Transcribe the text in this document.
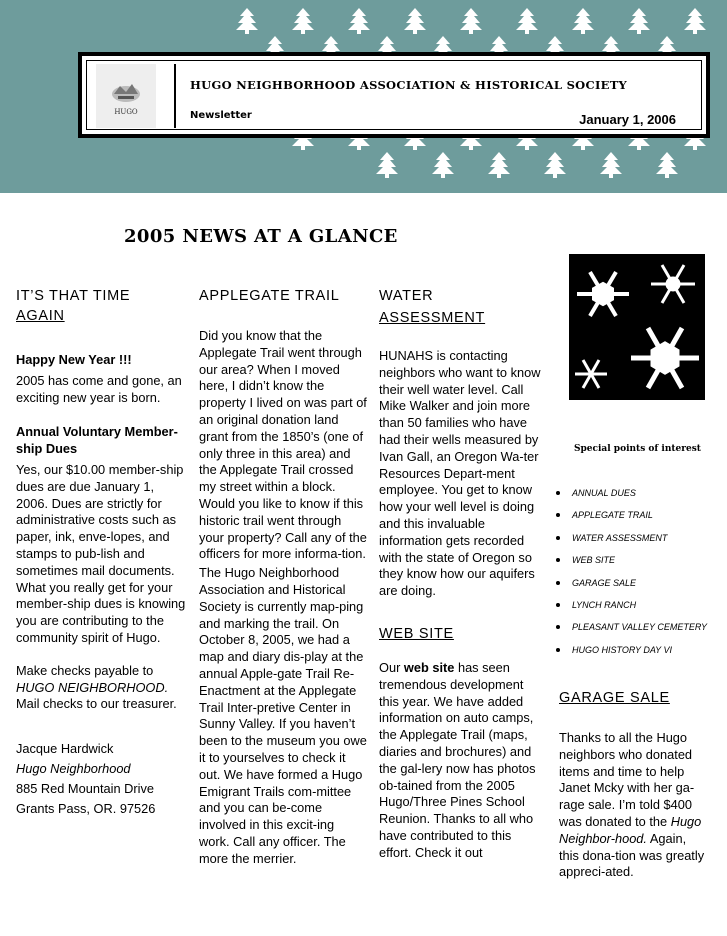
HUGO
HUGO NEIGHBORHOOD ASSOCIATION & HISTORICAL SOCIETY
Newsletter	January 1, 2006
2005 NEWS AT A GLANCE

IT’S THAT TIME

AGAIN

Happy New Year !!!

2005 has come and gone, an exciting new year is born.

Annual Voluntary Member-

ship Dues

Yes, our $10.00 member-ship dues are due January 1, 2006. Dues are strictly for administrative costs such as paper, ink, enve-lopes, and stamps to pub-lish and sometimes mail documents. What you really get for your member-ship dues is knowing you are contributing to the community spirit of Hugo.

Make checks payable to

HUGO NEIGHBORHOOD.

Mail checks to our treasurer.

Jacque Hardwick

Hugo Neighborhood

885 Red Mountain Drive

Grants Pass, OR. 97526

APPLEGATE TRAIL

Did you know that the Applegate Trail went through our area? When I moved here, I didn’t know the property I lived on was part of an original donation land grant from the 1850’s (one of only three in this area) and the Applegate Trail crossed my street within a block. Would you like to know if this historic trail went through your property? Call any of the officers for more informa-tion.

The Hugo Neighborhood Association and Historical Society is currently map-ping and marking the trail. On October 8, 2005, we had a map and diary dis-play at the annual Apple-gate Trail Re-Enactment at the Applegate Trail Inter-pretive Center in Sunny Valley. If you haven’t been to the museum you owe it to yourselves to check it out. We have formed a Hugo Emigrant Trails com-mittee and you can be-come involved in this excit-ing work. Call any officer. The more the merrier.

WATER

ASSESSMENT

HUNAHS is contacting neighbors who want to know their well water level. Call Mike Walker and join more than 50 families who have had their wells measured by Ivan Gall, an Oregon Wa-ter Resources Depart-ment employee. You get to know how your well level is doing and this invaluable information gets recorded with the state of Oregon so they know how our aquifers are doing.

WEB SITE

Our web site has seen tremendous development this year. We have added information on auto camps, the Applegate Trail (maps, diaries and brochures) and the gal-lery now has photos ob-tained from the 2005 Hugo/Three Pines School Reunion. Thanks to all who have contributed to this effort. Check it out

Special points of interest
ANNUAL DUES
APPLEGATE TRAIL
WATER ASSESSMENT
WEB SITE
GARAGE SALE
LYNCH RANCH
PLEASANT VALLEY CEMETERY
HUGO HISTORY DAY VI

GARAGE SALE

Thanks to all the Hugo neighbors who donated items and time to help Janet Mcky with her ga-rage sale. I’m told $400 was donated to the Hugo Neighbor-hood. Again, this dona-tion was greatly appreci-ated.
